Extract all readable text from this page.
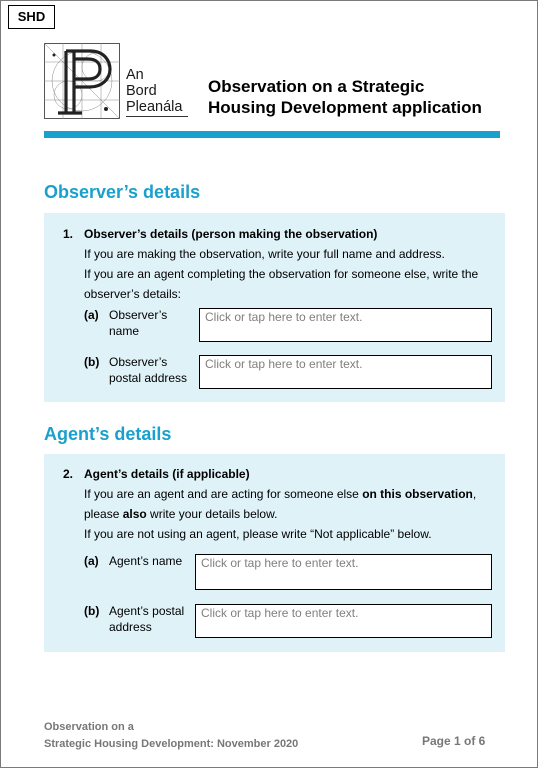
SHD
An
Bord
Pleanála
Observation on a Strategic
Housing Development application
Observer’s details
1. Observer’s details (person making the observation)
If you are making the observation, write your full name and address.
If you are an agent completing the observation for someone else, write the
observer’s details:
(a) Observer’s
name
Click or tap here to enter text.
(b) Observer’s
postal address
Click or tap here to enter text.
Agent’s details
2. Agent’s details (if applicable)
If you are an agent and are acting for someone else on this observation,
please also write your details below.
If you are not using an agent, please write “Not applicable” below.
(a) Agent’s name	Click or tap here to enter text.
(b) Agent’s postal
address
Click or tap here to enter text.
Observation on a
Strategic Housing Development: November 2020	Page 1 of 6
